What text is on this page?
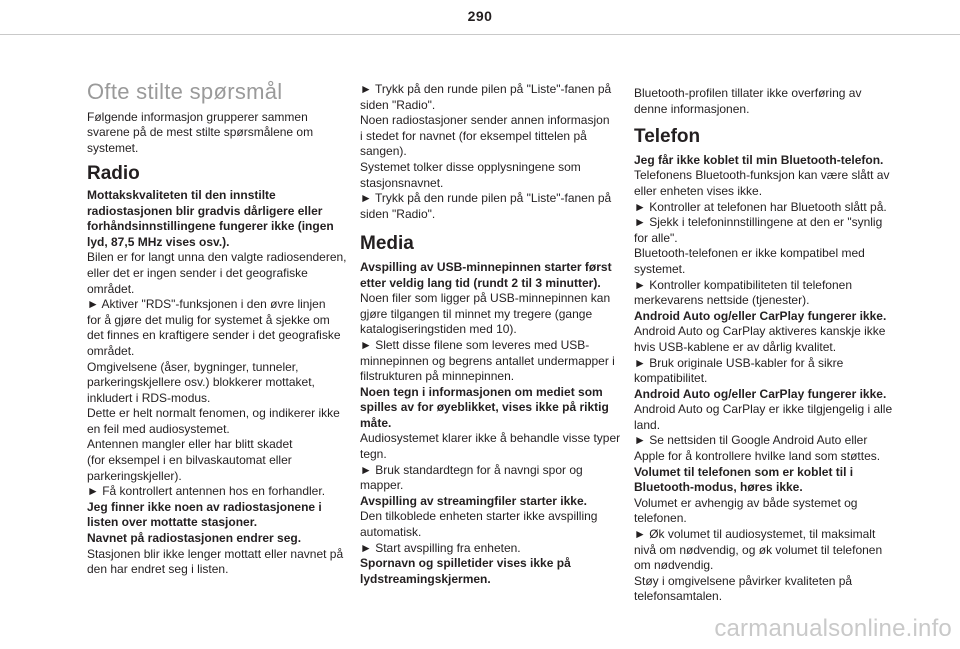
290
Ofte stilte spørsmål

Følgende informasjon grupperer sammen

svarene på de mest stilte spørsmålene om

systemet.

Radio

Mottakskvaliteten til den innstilte

radiostasjonen blir gradvis dårligere eller

forhåndsinnstillingene fungerer ikke (ingen

lyd, 87,5 MHz vises osv.).

Bilen er for langt unna den valgte radiosenderen,

eller det er ingen sender i det geografiske

området.

► Aktiver "RDS"-funksjonen i den øvre linjen

for å gjøre det mulig for systemet å sjekke om

det finnes en kraftigere sender i det geografiske

området.

Omgivelsene (åser, bygninger, tunneler,

parkeringskjellere osv.) blokkerer mottaket,

inkludert i RDS-modus.

Dette er helt normalt fenomen, og indikerer ikke

en feil med audiosystemet.

Antennen mangler eller har blitt skadet

(for eksempel i en bilvaskautomat eller

parkeringskjeller).

► Få kontrollert antennen hos en forhandler.

Jeg finner ikke noen av radiostasjonene i

listen over mottatte stasjoner.

Navnet på radiostasjonen endrer seg.

Stasjonen blir ikke lenger mottatt eller navnet på

den har endret seg i listen.

► Trykk på den runde pilen på "Liste"-fanen på

siden "Radio".

Noen radiostasjoner sender annen informasjon

i stedet for navnet (for eksempel tittelen på

sangen).

Systemet tolker disse opplysningene som

stasjonsnavnet.

► Trykk på den runde pilen på "Liste"-fanen på

siden "Radio".

Media

Avspilling av USB-minnepinnen starter først

etter veldig lang tid (rundt 2 til 3 minutter).

Noen filer som ligger på USB-minnepinnen kan

gjøre tilgangen til minnet my tregere (gange

katalogiseringstiden med 10).

► Slett disse filene som leveres med USB-

minnepinnen og begrens antallet undermapper i

filstrukturen på minnepinnen.

Noen tegn i informasjonen om mediet som

spilles av for øyeblikket, vises ikke på riktig

måte.

Audiosystemet klarer ikke å behandle visse typer

tegn.

► Bruk standardtegn for å navngi spor og

mapper.

Avspilling av streamingfiler starter ikke.

Den tilkoblede enheten starter ikke avspilling

automatisk.

► Start avspilling fra enheten.

Spornavn og spilletider vises ikke på

lydstreamingskjermen.

Bluetooth-profilen tillater ikke overføring av

denne informasjonen.

Telefon

Jeg får ikke koblet til min Bluetooth-telefon.

Telefonens Bluetooth-funksjon kan være slått av

eller enheten vises ikke.

► Kontroller at telefonen har Bluetooth slått på.

► Sjekk i telefoninnstillingene at den er "synlig

for alle".

Bluetooth-telefonen er ikke kompatibel med

systemet.

► Kontroller kompatibiliteten til telefonen

merkevarens nettside (tjenester).

Android Auto og/eller CarPlay fungerer ikke.

Android Auto og CarPlay aktiveres kanskje ikke

hvis USB-kablene er av dårlig kvalitet.

► Bruk originale USB-kabler for å sikre

kompatibilitet.

Android Auto og/eller CarPlay fungerer ikke.

Android Auto og CarPlay er ikke tilgjengelig i alle

land.

► Se nettsiden til Google Android Auto eller

Apple for å kontrollere hvilke land som støttes.

Volumet til telefonen som er koblet til i

Bluetooth-modus, høres ikke.

Volumet er avhengig av både systemet og

telefonen.

► Øk volumet til audiosystemet, til maksimalt

nivå om nødvendig, og øk volumet til telefonen

om nødvendig.

Støy i omgivelsene påvirker kvaliteten på

telefonsamtalen.

carmanualsonline.info
